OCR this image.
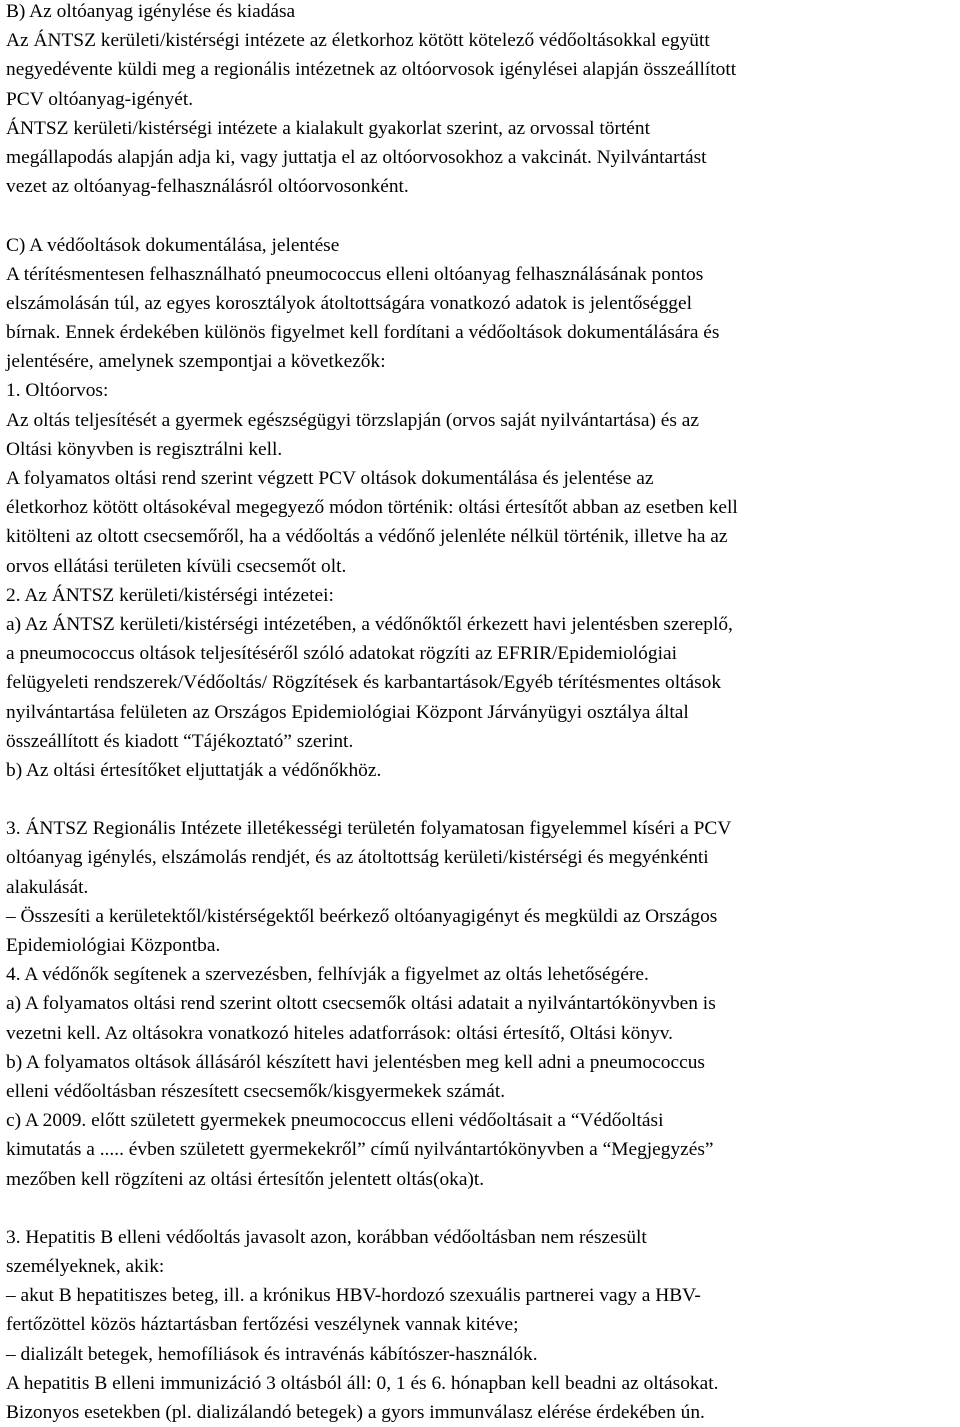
B) Az oltóanyag igénylése és kiadása
Az ÁNTSZ kerületi/kistérségi intézete az életkorhoz kötött kötelező védőoltásokkal együtt
negyedévente küldi meg a regionális intézetnek az oltóorvosok igénylései alapján összeállított
PCV oltóanyag-igényét.
ÁNTSZ kerületi/kistérségi intézete a kialakult gyakorlat szerint, az orvossal történt
megállapodás alapján adja ki, vagy juttatja el az oltóorvosokhoz a vakcinát. Nyilvántartást
vezet az oltóanyag-felhasználásról oltóorvosonként.
C) A védőoltások dokumentálása, jelentése
A térítésmentesen felhasználható pneumococcus elleni oltóanyag felhasználásának pontos
elszámolásán túl, az egyes korosztályok átoltottságára vonatkozó adatok is jelentőséggel
bírnak. Ennek érdekében különös figyelmet kell fordítani a védőoltások dokumentálására és
jelentésére, amelynek szempontjai a következők:
1. Oltóorvos:
Az oltás teljesítését a gyermek egészségügyi törzslapján (orvos saját nyilvántartása) és az
Oltási könyvben is regisztrálni kell.
A folyamatos oltási rend szerint végzett PCV oltások dokumentálása és jelentése az
életkorhoz kötött oltásokéval megegyező módon történik: oltási értesítőt abban az esetben kell
kitölteni az oltott csecsemőről, ha a védőoltás a védőnő jelenléte nélkül történik, illetve ha az
orvos ellátási területen kívüli csecsemőt olt.
2. Az ÁNTSZ kerületi/kistérségi intézetei:
a) Az ÁNTSZ kerületi/kistérségi intézetében, a védőnőktől érkezett havi jelentésben szereplő,
a pneumococcus oltások teljesítéséről szóló adatokat rögzíti az EFRIR/Epidemiológiai
felügyeleti rendszerek/Védőoltás/ Rögzítések és karbantartások/Egyéb térítésmentes oltások
nyilvántartása felületen az Országos Epidemiológiai Központ Járványügyi osztálya által
összeállított és kiadott “Tájékoztató” szerint.
b) Az oltási értesítőket eljuttatják a védőnőkhöz.
3. ÁNTSZ Regionális Intézete illetékességi területén folyamatosan figyelemmel kíséri a PCV
oltóanyag igénylés, elszámolás rendjét, és az átoltottság kerületi/kistérségi és megyénkénti
alakulását.
– Összesíti a kerületektől/kistérségektől beérkező oltóanyagigényt és megküldi az Országos
Epidemiológiai Központba.
4. A védőnők segítenek a szervezésben, felhívják a figyelmet az oltás lehetőségére.
a) A folyamatos oltási rend szerint oltott csecsemők oltási adatait a nyilvántartókönyvben is
vezetni kell. Az oltásokra vonatkozó hiteles adatforrások: oltási értesítő, Oltási könyv.
b) A folyamatos oltások állásáról készített havi jelentésben meg kell adni a pneumococcus
elleni védőoltásban részesített csecsemők/kisgyermekek számát.
c) A 2009. előtt született gyermekek pneumococcus elleni védőoltásait a “Védőoltási
kimutatás a ..... évben született gyermekekről” című nyilvántartókönyvben a “Megjegyzés”
mezőben kell rögzíteni az oltási értesítőn jelentett oltás(oka)t.
3. Hepatitis B elleni védőoltás javasolt azon, korábban védőoltásban nem részesült
személyeknek, akik:
– akut B hepatitiszes beteg, ill. a krónikus HBV-hordozó szexuális partnerei vagy a HBV-
fertőzöttel közös háztartásban fertőzési veszélynek vannak kitéve;
– dializált betegek, hemofíliások és intravénás kábítószer-használók.
A hepatitis B elleni immunizáció 3 oltásból áll: 0, 1 és 6. hónapban kell beadni az oltásokat.
Bizonyos esetekben (pl. dializálandó betegek) a gyors immunválasz elérése érdekében ún.
